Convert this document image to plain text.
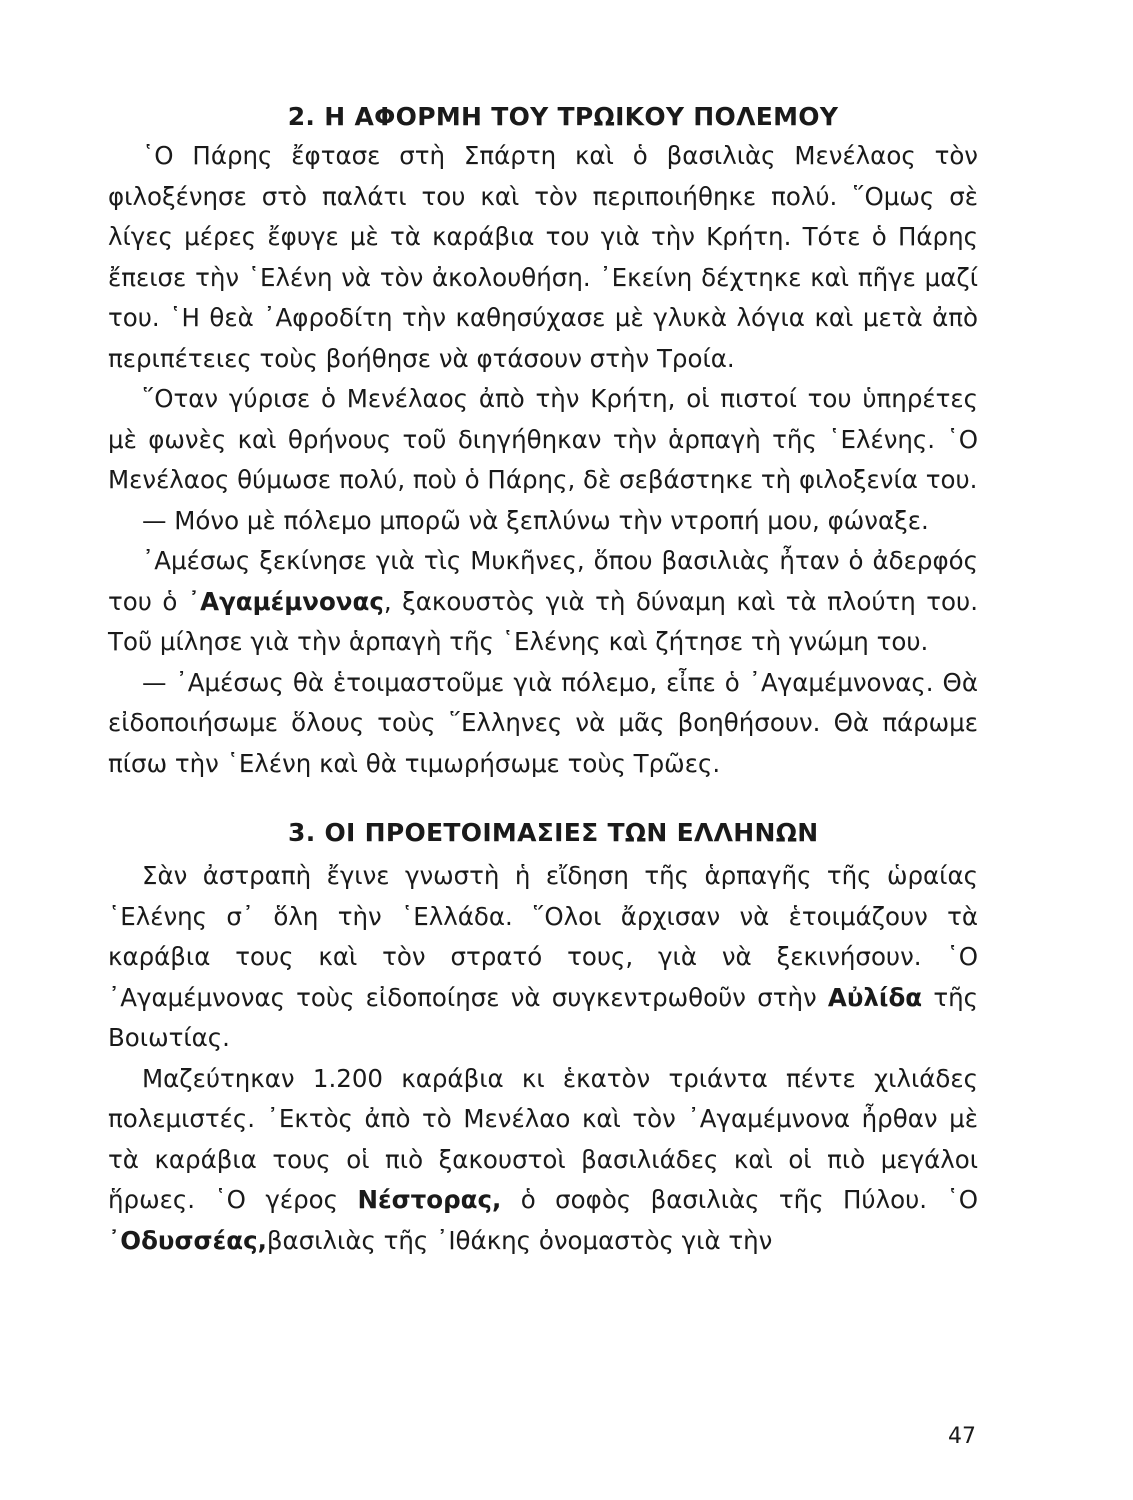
2. Η ΑΦΟΡΜΗ ΤΟΥ ΤΡΩΙΚΟΥ ΠΟΛΕΜΟΥ

῾Ο Πάρης ἔφτασε στὴ Σπάρτη καὶ ὁ βασιλιὰς Μενέλαος τὸν φιλοξένησε στὸ παλάτι του καὶ τὸν περιποιήθηκε πολύ. ῞Ομως σὲ λίγες μέρες ἔφυγε μὲ τὰ καράβια του γιὰ τὴν Κρήτη. Τότε ὁ Πάρης ἔπεισε τὴν ῾Ελένη νὰ τὸν ἀκολουθήση. ᾿Εκείνη δέχτηκε καὶ πῆγε μαζί του. ῾Η θεὰ ᾿Αφροδίτη τὴν καθησύχασε μὲ γλυκὰ λόγια καὶ μετὰ ἀπὸ περιπέτειες τοὺς βοήθησε νὰ φτάσουν στὴν Τροία.

῞Οταν γύρισε ὁ Μενέλαος ἀπὸ τὴν Κρήτη, οἱ πιστοί του ὑπηρέτες μὲ φωνὲς καὶ θρήνους τοῦ διηγήθηκαν τὴν ἁρπαγὴ τῆς ῾Ελένης. ῾Ο Μενέλαος θύμωσε πολύ, ποὺ ὁ Πάρης, δὲ σεβάστηκε τὴ φιλοξενία του.

— Μόνο μὲ πόλεμο μπορῶ νὰ ξεπλύνω τὴν ντροπή μου, φώναξε.

᾿Αμέσως ξεκίνησε γιὰ τὶς Μυκῆνες, ὅπου βασιλιὰς ἦταν ὁ ἀδερφός του ὁ ᾿Αγαμέμνονας, ξακουστὸς γιὰ τὴ δύναμη καὶ τὰ πλούτη του. Τοῦ μίλησε γιὰ τὴν ἁρπαγὴ τῆς ῾Ελένης καὶ ζήτησε τὴ γνώμη του.

— ᾿Αμέσως θὰ ἑτοιμαστοῦμε γιὰ πόλεμο, εἶπε ὁ ᾿Αγαμέμνονας. Θὰ εἰδοποιήσωμε ὅλους τοὺς ῞Ελληνες νὰ μᾶς βοηθήσουν. Θὰ πάρωμε πίσω τὴν ῾Ελένη καὶ θὰ τιμωρήσωμε τοὺς Τρῶες.

3. ΟΙ ΠΡΟΕΤΟΙΜΑΣΙΕΣ ΤΩΝ ΕΛΛΗΝΩΝ

Σὰν ἀστραπὴ ἔγινε γνωστὴ ἡ εἴδηση τῆς ἁρπαγῆς τῆς ὡραίας ῾Ελένης σ᾿ ὅλη τὴν ῾Ελλάδα. ῞Ολοι ἄρχισαν νὰ ἑτοιμάζουν τὰ καράβια τους καὶ τὸν στρατό τους, γιὰ νὰ ξεκινήσουν. ῾Ο ᾿Αγαμέμνονας τοὺς εἰδοποίησε νὰ συγκεντρωθοῦν στὴν Αὐλίδα τῆς Βοιωτίας.

Μαζεύτηκαν 1.200 καράβια κι ἑκατὸν τριάντα πέντε χιλιάδες πολεμιστές. ᾿Εκτὸς ἀπὸ τὸ Μενέλαο καὶ τὸν ᾿Αγαμέμνονα ἦρθαν μὲ τὰ καράβια τους οἱ πιὸ ξακουστοὶ βασιλιάδες καὶ οἱ πιὸ μεγάλοι ἥρωες. ῾Ο γέρος Νέστορας, ὁ σοφὸς βασιλιὰς τῆς Πύλου. ῾Ο ᾿Οδυσσέας,βασιλιὰς τῆς ᾿Ιθάκης ὀνομαστὸς γιὰ τὴν

47
